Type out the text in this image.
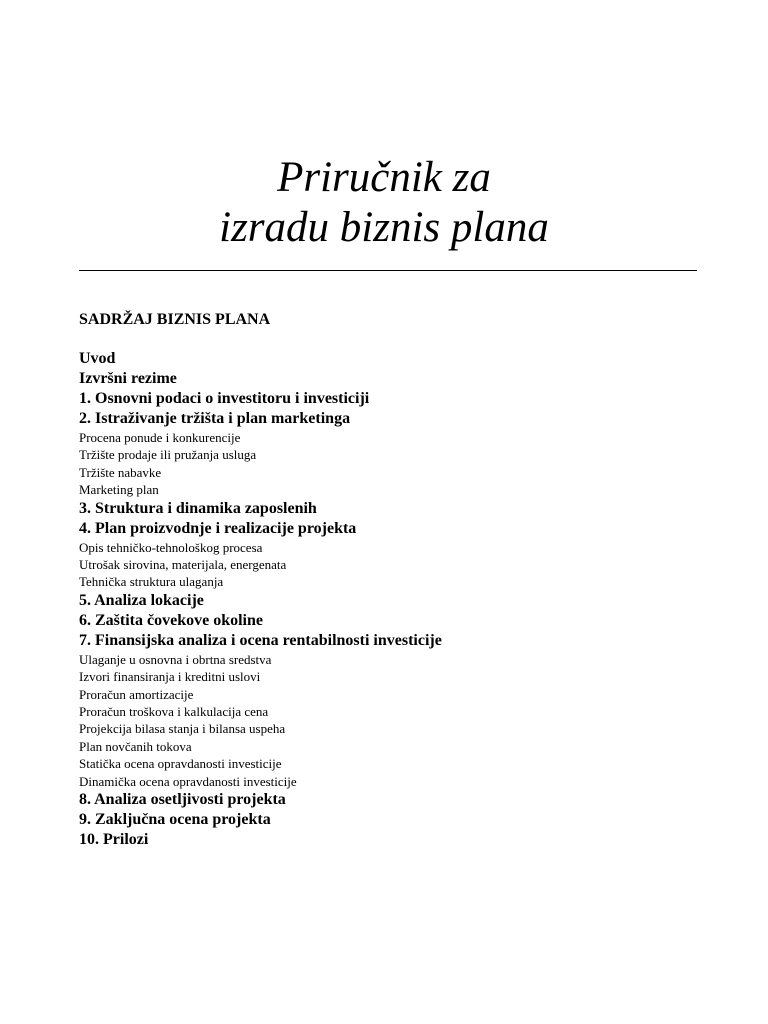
Priručnik za
izradu biznis plana
SADRŽAJ BIZNIS PLANA
Uvod
Izvršni rezime
1. Osnovni podaci o investitoru i investiciji
2. Istraživanje tržišta i plan marketinga
Procena ponude i konkurencije
Tržište prodaje ili pružanja usluga
Tržište nabavke
Marketing plan
3. Struktura i dinamika zaposlenih
4. Plan proizvodnje i realizacije projekta
Opis tehničko-tehnološkog procesa
Utrošak sirovina, materijala, energenata
Tehnička struktura ulaganja
5. Analiza lokacije
6. Zaštita čovekove okoline
7. Finansijska analiza i ocena rentabilnosti investicije
Ulaganje u osnovna i obrtna sredstva
Izvori finansiranja i kreditni uslovi
Proračun amortizacije
Proračun troškova i kalkulacija cena
Projekcija bilasa stanja i bilansa uspeha
Plan novčanih tokova
Statička ocena opravdanosti investicije
Dinamička ocena opravdanosti investicije
8. Analiza osetljivosti projekta
9. Zaključna ocena projekta
10. Prilozi
